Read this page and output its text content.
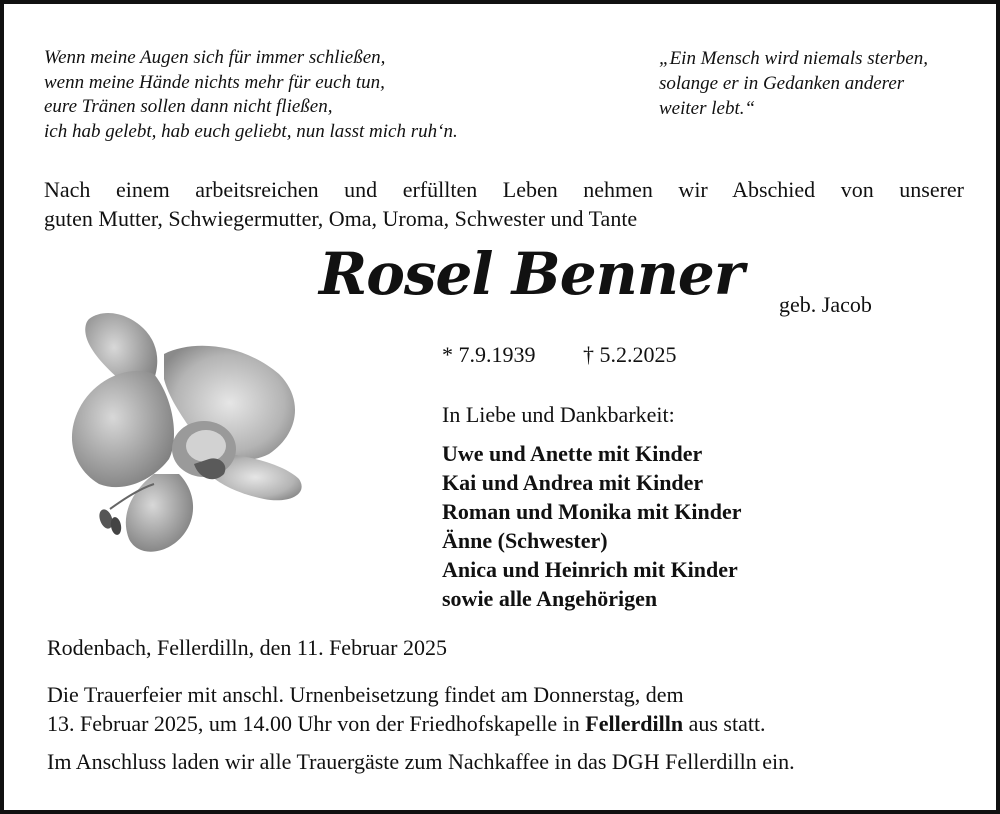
Wenn meine Augen sich für immer schließen,
wenn meine Hände nichts mehr für euch tun,
eure Tränen sollen dann nicht fließen,
ich hab gelebt, hab euch geliebt, nun lasst mich ruh‘n.
„Ein Mensch wird niemals sterben,
solange er in Gedanken anderer
weiter lebt.“
Nach einem arbeitsreichen und erfüllten Leben nehmen wir Abschied von unserer
guten Mutter, Schwiegermutter, Oma, Uroma, Schwester und Tante
Rosel Benner geb. Jacob
* 7.9.1939 † 5.2.2025
In Liebe und Dankbarkeit:
Uwe und Anette mit Kinder
Kai und Andrea mit Kinder
Roman und Monika mit Kinder
Änne (Schwester)
Anica und Heinrich mit Kinder
sowie alle Angehörigen
Rodenbach, Fellerdilln, den 11. Februar 2025
Die Trauerfeier mit anschl. Urnenbeisetzung findet am Donnerstag, dem
13. Februar 2025, um 14.00 Uhr von der Friedhofskapelle in Fellerdilln aus statt.
Im Anschluss laden wir alle Trauergäste zum Nachkaffee in das DGH Fellerdilln ein.
